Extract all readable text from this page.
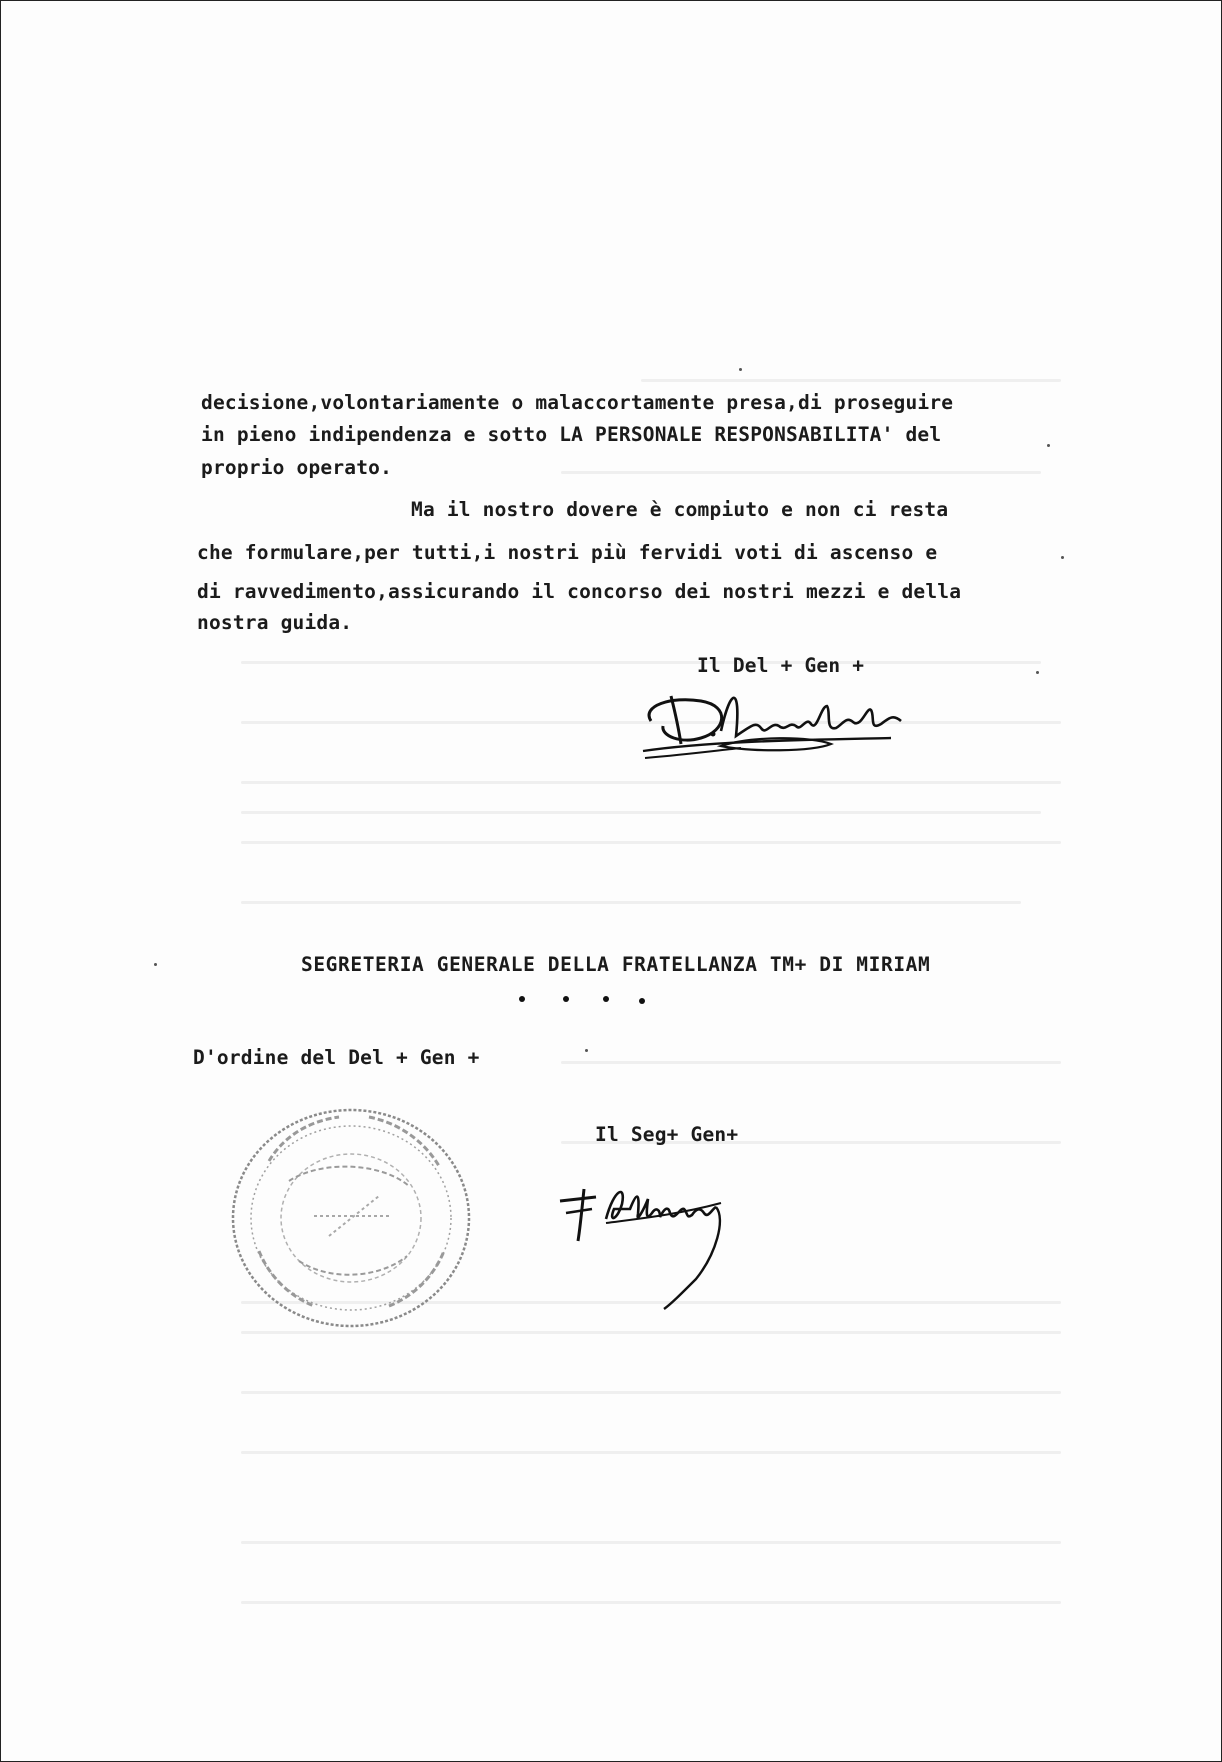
decisione,volontariamente o malaccortamente presa,di proseguire
in pieno indipendenza e sotto LA PERSONALE RESPONSABILITA' del
proprio operato.
Ma il nostro dovere è compiuto e non ci resta
che formulare,per tutti,i nostri più fervidi voti di ascenso e
di ravvedimento,assicurando il concorso dei nostri mezzi e della
nostra guida.
Il Del + Gen +
SEGRETERIA GENERALE DELLA FRATELLANZA TM+ DI MIRIAM
D'ordine del Del + Gen +
Il Seg+ Gen+
